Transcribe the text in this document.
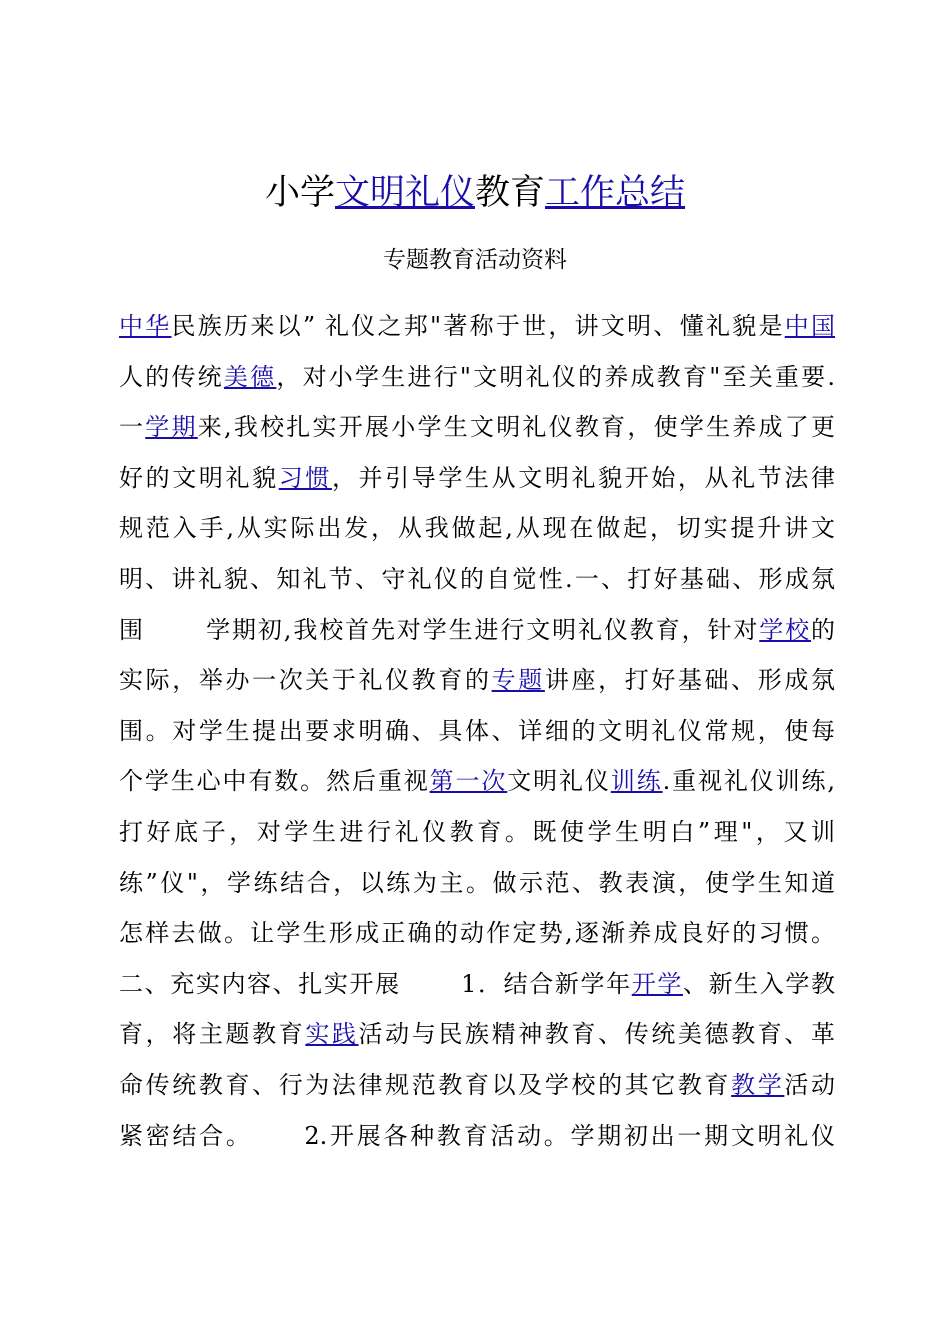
小学文明礼仪教育工作总结
专题教育活动资料
中华民族历来以” 礼仪之邦"著称于世，讲文明、懂礼貌是中国
人的传统美德，对小学生进行"文明礼仪的养成教育"至关重要.
一学期来,我校扎实开展小学生文明礼仪教育，使学生养成了更
好的文明礼貌习惯，并引导学生从文明礼貌开始，从礼节法律
规范入手,从实际出发，从我做起,从现在做起，切实提升讲文
明、讲礼貌、知礼节、守礼仪的自觉性.一、打好基础、形成氛
围　　 学期初,我校首先对学生进行文明礼仪教育，针对学校的
实际，举办一次关于礼仪教育的专题讲座，打好基础、形成氛
围。对学生提出要求明确、具体、详细的文明礼仪常规，使每
个学生心中有数。然后重视第一次文明礼仪训练.重视礼仪训练,
打好底子，对学生进行礼仪教育。既使学生明白”理"，又训
练”仪"，学练结合，以练为主。做示范、教表演，使学生知道
怎样去做。让学生形成正确的动作定势,逐渐养成良好的习惯。
二、充实内容、扎实开展　　 1．结合新学年开学、新生入学教
育，将主题教育实践活动与民族精神教育、传统美德教育、革
命传统教育、行为法律规范教育以及学校的其它教育教学活动
紧密结合。　　 2.开展各种教育活动。学期初出一期文明礼仪
